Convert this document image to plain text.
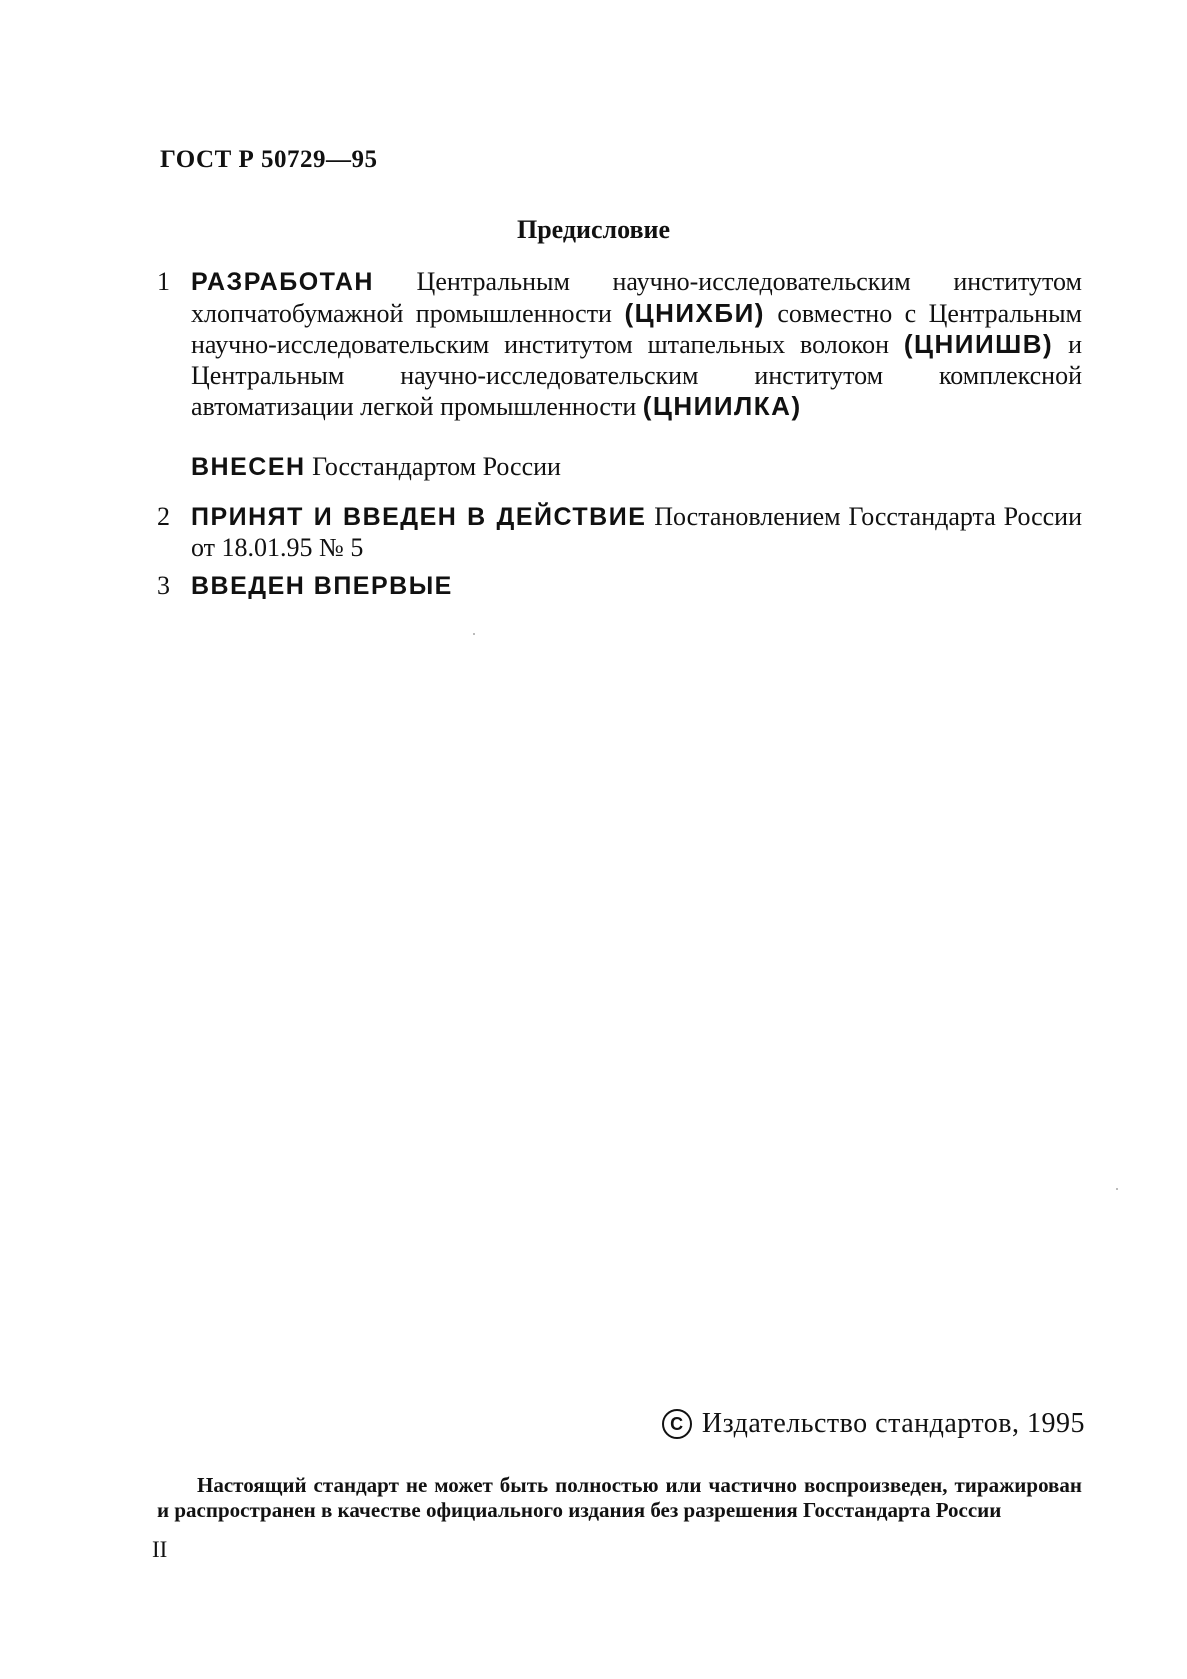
ГОСТ Р 50729—95
Предисловие
1 РАЗРАБОТАН Центральным научно-исследовательским институтом хлопчатобумажной промышленности (ЦНИХБИ) совместно с Центральным научно-исследовательским институтом штапельных волокон (ЦНИИШВ) и Центральным научно-исследовательским институтом комплексной автоматизации легкой промышленности (ЦНИИЛКА)
ВНЕСЕН Госстандартом России
2 ПРИНЯТ И ВВЕДЕН В ДЕЙСТВИЕ Постановлением Госстандарта России от 18.01.95 № 5
3 ВВЕДЕН ВПЕРВЫЕ
C Издательство стандартов, 1995
Настоящий стандарт не может быть полностью или частично воспроизведен, тиражирован и распространен в качестве официального издания без разрешения Госстандарта России
II
